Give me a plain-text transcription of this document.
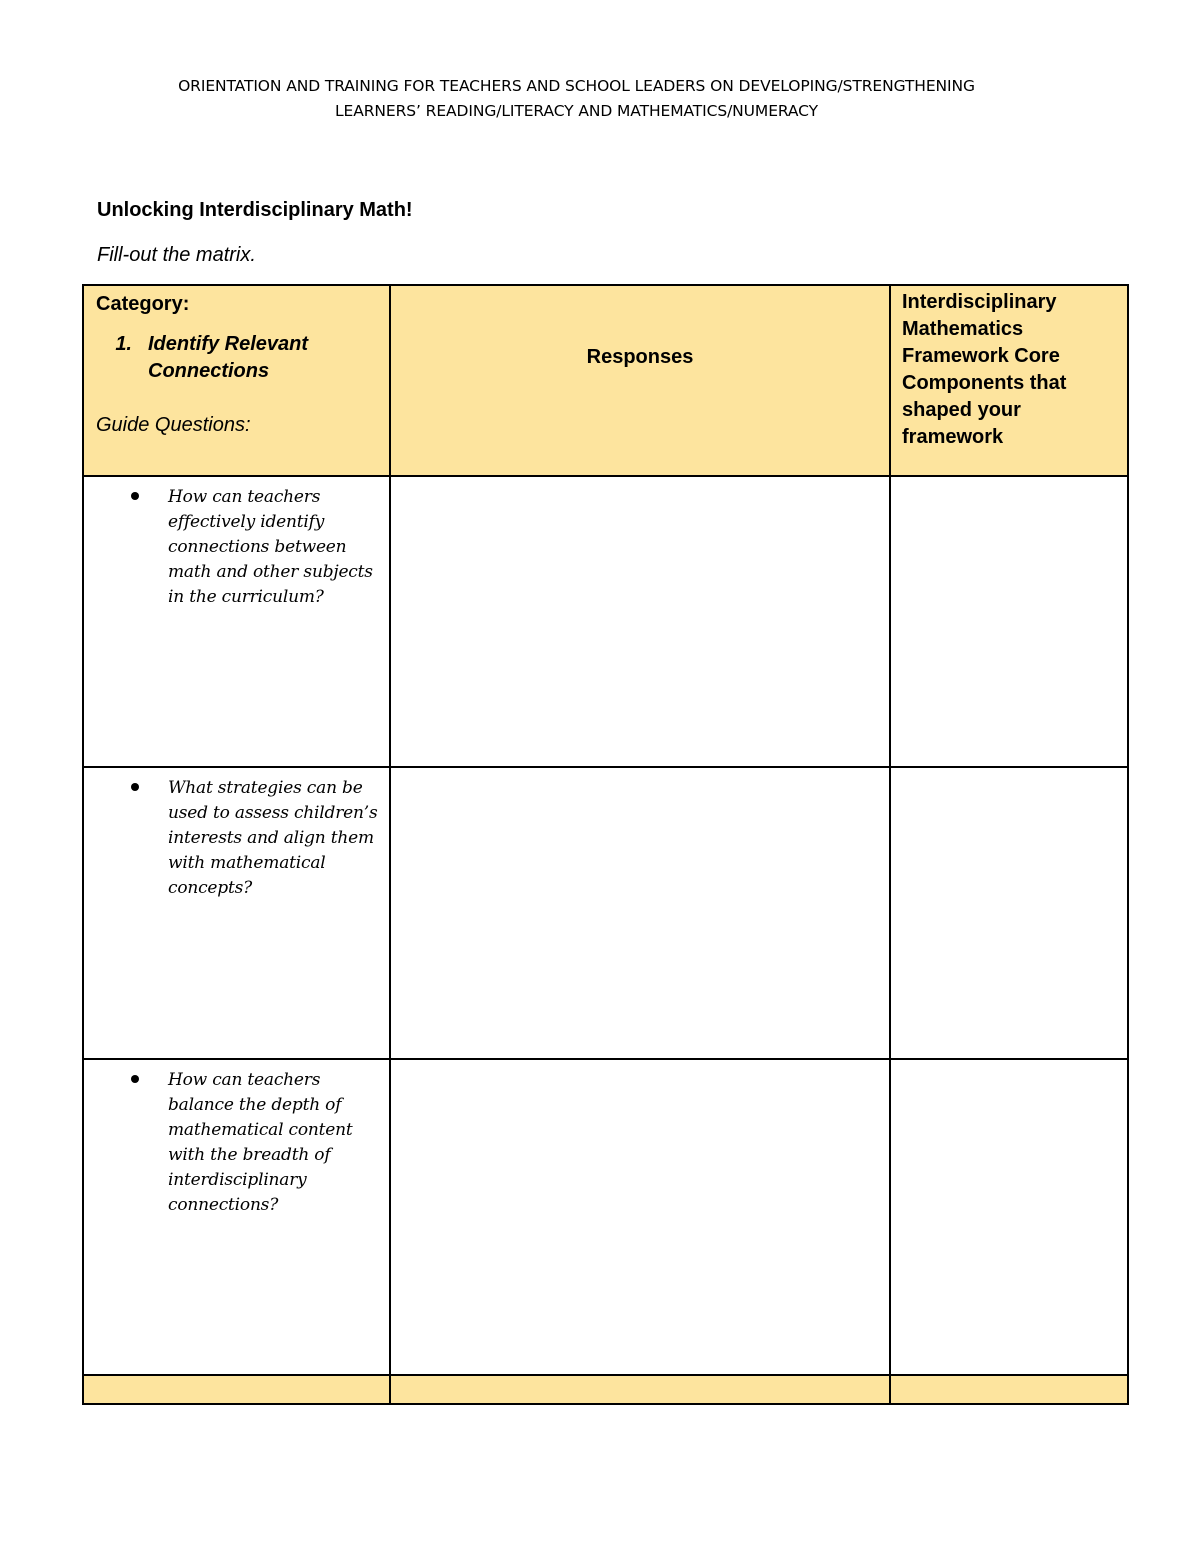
ORIENTATION AND TRAINING FOR TEACHERS AND SCHOOL LEADERS ON DEVELOPING/STRENGTHENING
LEARNERS’ READING/LITERACY AND MATHEMATICS/NUMERACY
Unlocking Interdisciplinary Math!
Fill-out the matrix.
Category:
1. Identify Relevant Connections
Guide Questions:	Responses	Interdisciplinary Mathematics Framework Core Components that shaped your framework

How can teachers effectively identify connections between math and other subjects in the curriculum?		

What strategies can be used to assess children’s interests and align them with mathematical concepts?		

How can teachers balance the depth of mathematical content with the breadth of interdisciplinary connections?		
